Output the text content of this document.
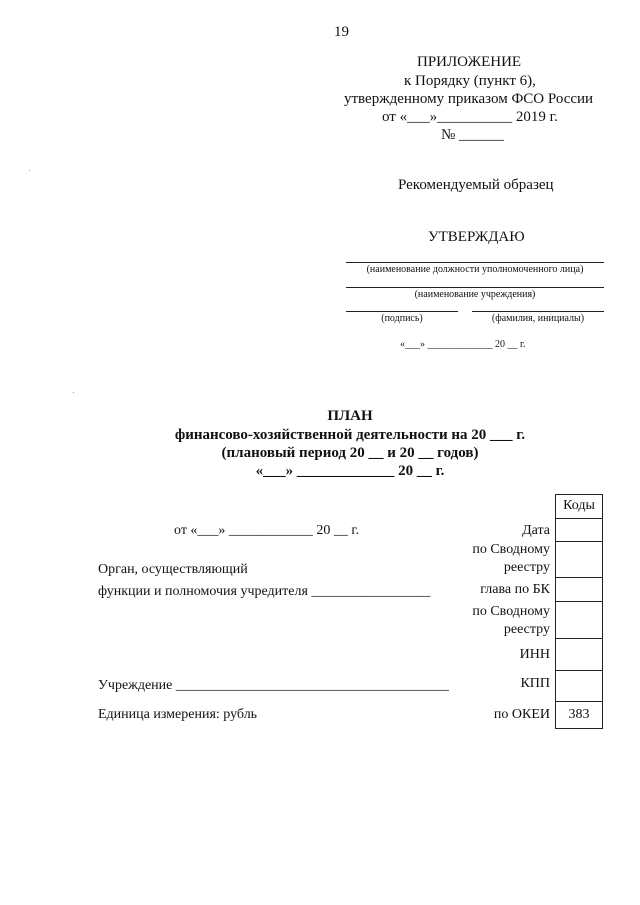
19
ПРИЛОЖЕНИЕ
к Порядку (пункт 6),
утвержденному приказом ФСО России
от «___»__________ 2019 г.
№ ______
Рекомендуемый образец
УТВЕРЖДАЮ
(наименование должности уполномоченного лица)
(наименование учреждения)
(подпись)	(фамилия, инициалы)
«___» _____________ 20 __ г.
ПЛАН
финансово-хозяйственной деятельности на 20 ___ г.
(плановый период 20 __ и 20 __ годов)
«___» _____________ 20 __ г.
от «___» ____________ 20 __ г.
Орган, осуществляющий
функции и полномочия учредителя _________________
Учреждение _______________________________________
Единица измерения: рубль
Дата
по Сводному
реестру
глава по БК
по Сводному
реестру
ИНН
КПП
по ОКЕИ
Коды
383
